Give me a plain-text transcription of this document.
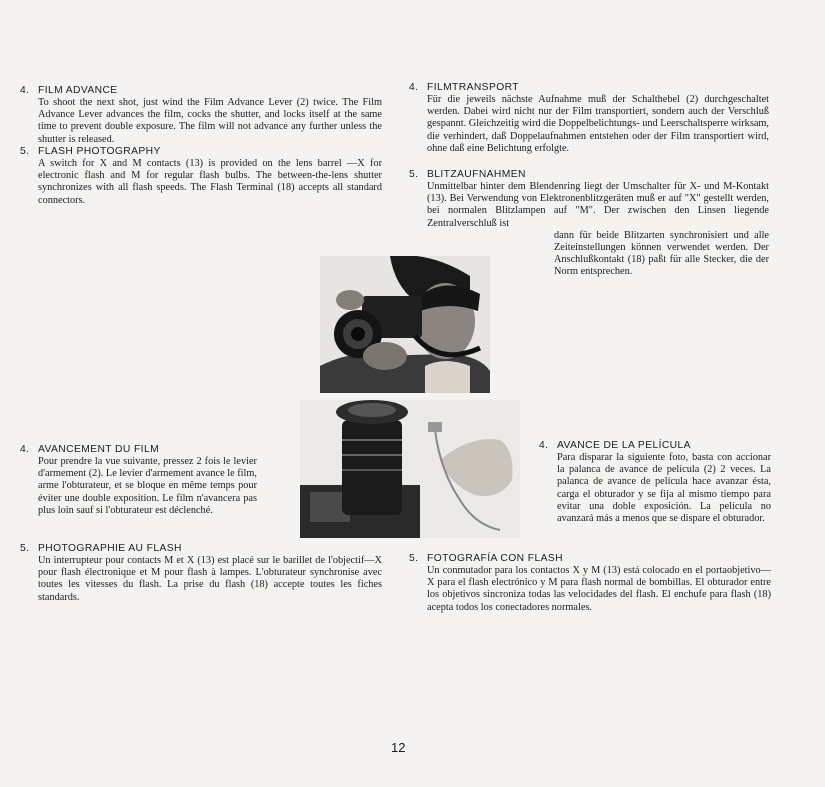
4. FILM ADVANCE
To shoot the next shot, just wind the Film Advance Lever (2) twice. The Film Advance Lever advances the film, cocks the shutter, and locks itself at the same time to prevent double exposure. The film will not advance any further unless the shutter is released.
5. FLASH PHOTOGRAPHY
A switch for X and M contacts (13) is provided on the lens barrel —X for electronic flash and M for regular flash bulbs. The between-the-lens shutter synchronizes with all flash speeds. The Flash Terminal (18) accepts all standard connectors.
4. FILMTRANSPORT
Für die jeweils nächste Aufnahme muß der Schalthebel (2) durchgeschaltet werden. Dabei wird nicht nur der Film transportiert, sondern auch der Verschluß gespannt. Gleichzeitig wird die Doppelbelichtungs- und Leerschaltsperre wirksam, die verhindert, daß Doppelaufnahmen entstehen oder der Film transportiert wird, ohne daß eine Belichtung erfolgte.
5. BLITZAUFNAHMEN
Unmittelbar hinter dem Blendenring liegt der Umschalter für X- und M-Kontakt (13). Bei Verwendung von Elektronenblitzgeräten muß er auf "X" gestellt werden, bei normalen Blitzlampen auf "M". Der zwischen den Linsen liegende Zentralverschluß ist
dann für beide Blitzarten synchronisiert und alle Zeiteinstellungen können verwendet werden. Der Anschlußkontakt (18) paßt für alle Stecker, die der Norm entsprechen.
4. AVANCEMENT DU FILM
Pour prendre la vue suivante, pressez 2 fois le levier d'armement (2). Le levier d'armement avance le film, arme l'obturateur, et se bloque en même temps pour éviter une double exposition. Le film n'avancera pas plus loin sauf si l'obturateur est déclenché.
5. PHOTOGRAPHIE AU FLASH
Un interrupteur pour contacts M et X (13) est placé sur le barillet de l'objectif—X pour flash électronique et M pour flash à lampes. L'obturateur synchronise avec toutes les vitesses du flash. La prise du flash (18) accepte toutes les fiches standards.
4. AVANCE DE LA PELÍCULA
Para disparar la siguiente foto, basta con accionar la palanca de avance de película (2) 2 veces. La palanca de avance de película hace avanzar ésta, carga el obturador y se fija al mismo tiempo para evitar una doble exposición. La película no avanzará más a menos que se dispare el obturador.
5. FOTOGRAFÍA CON FLASH
Un conmutador para los contactos X y M (13) está colocado en el portaobjetivo—X para el flash electrónico y M para flash normal de bombillas. El obturador entre los objetivos sincroniza todas las velocidades del flash. El enchufe para flash (18) acepta todos los conectadores normales.
12
